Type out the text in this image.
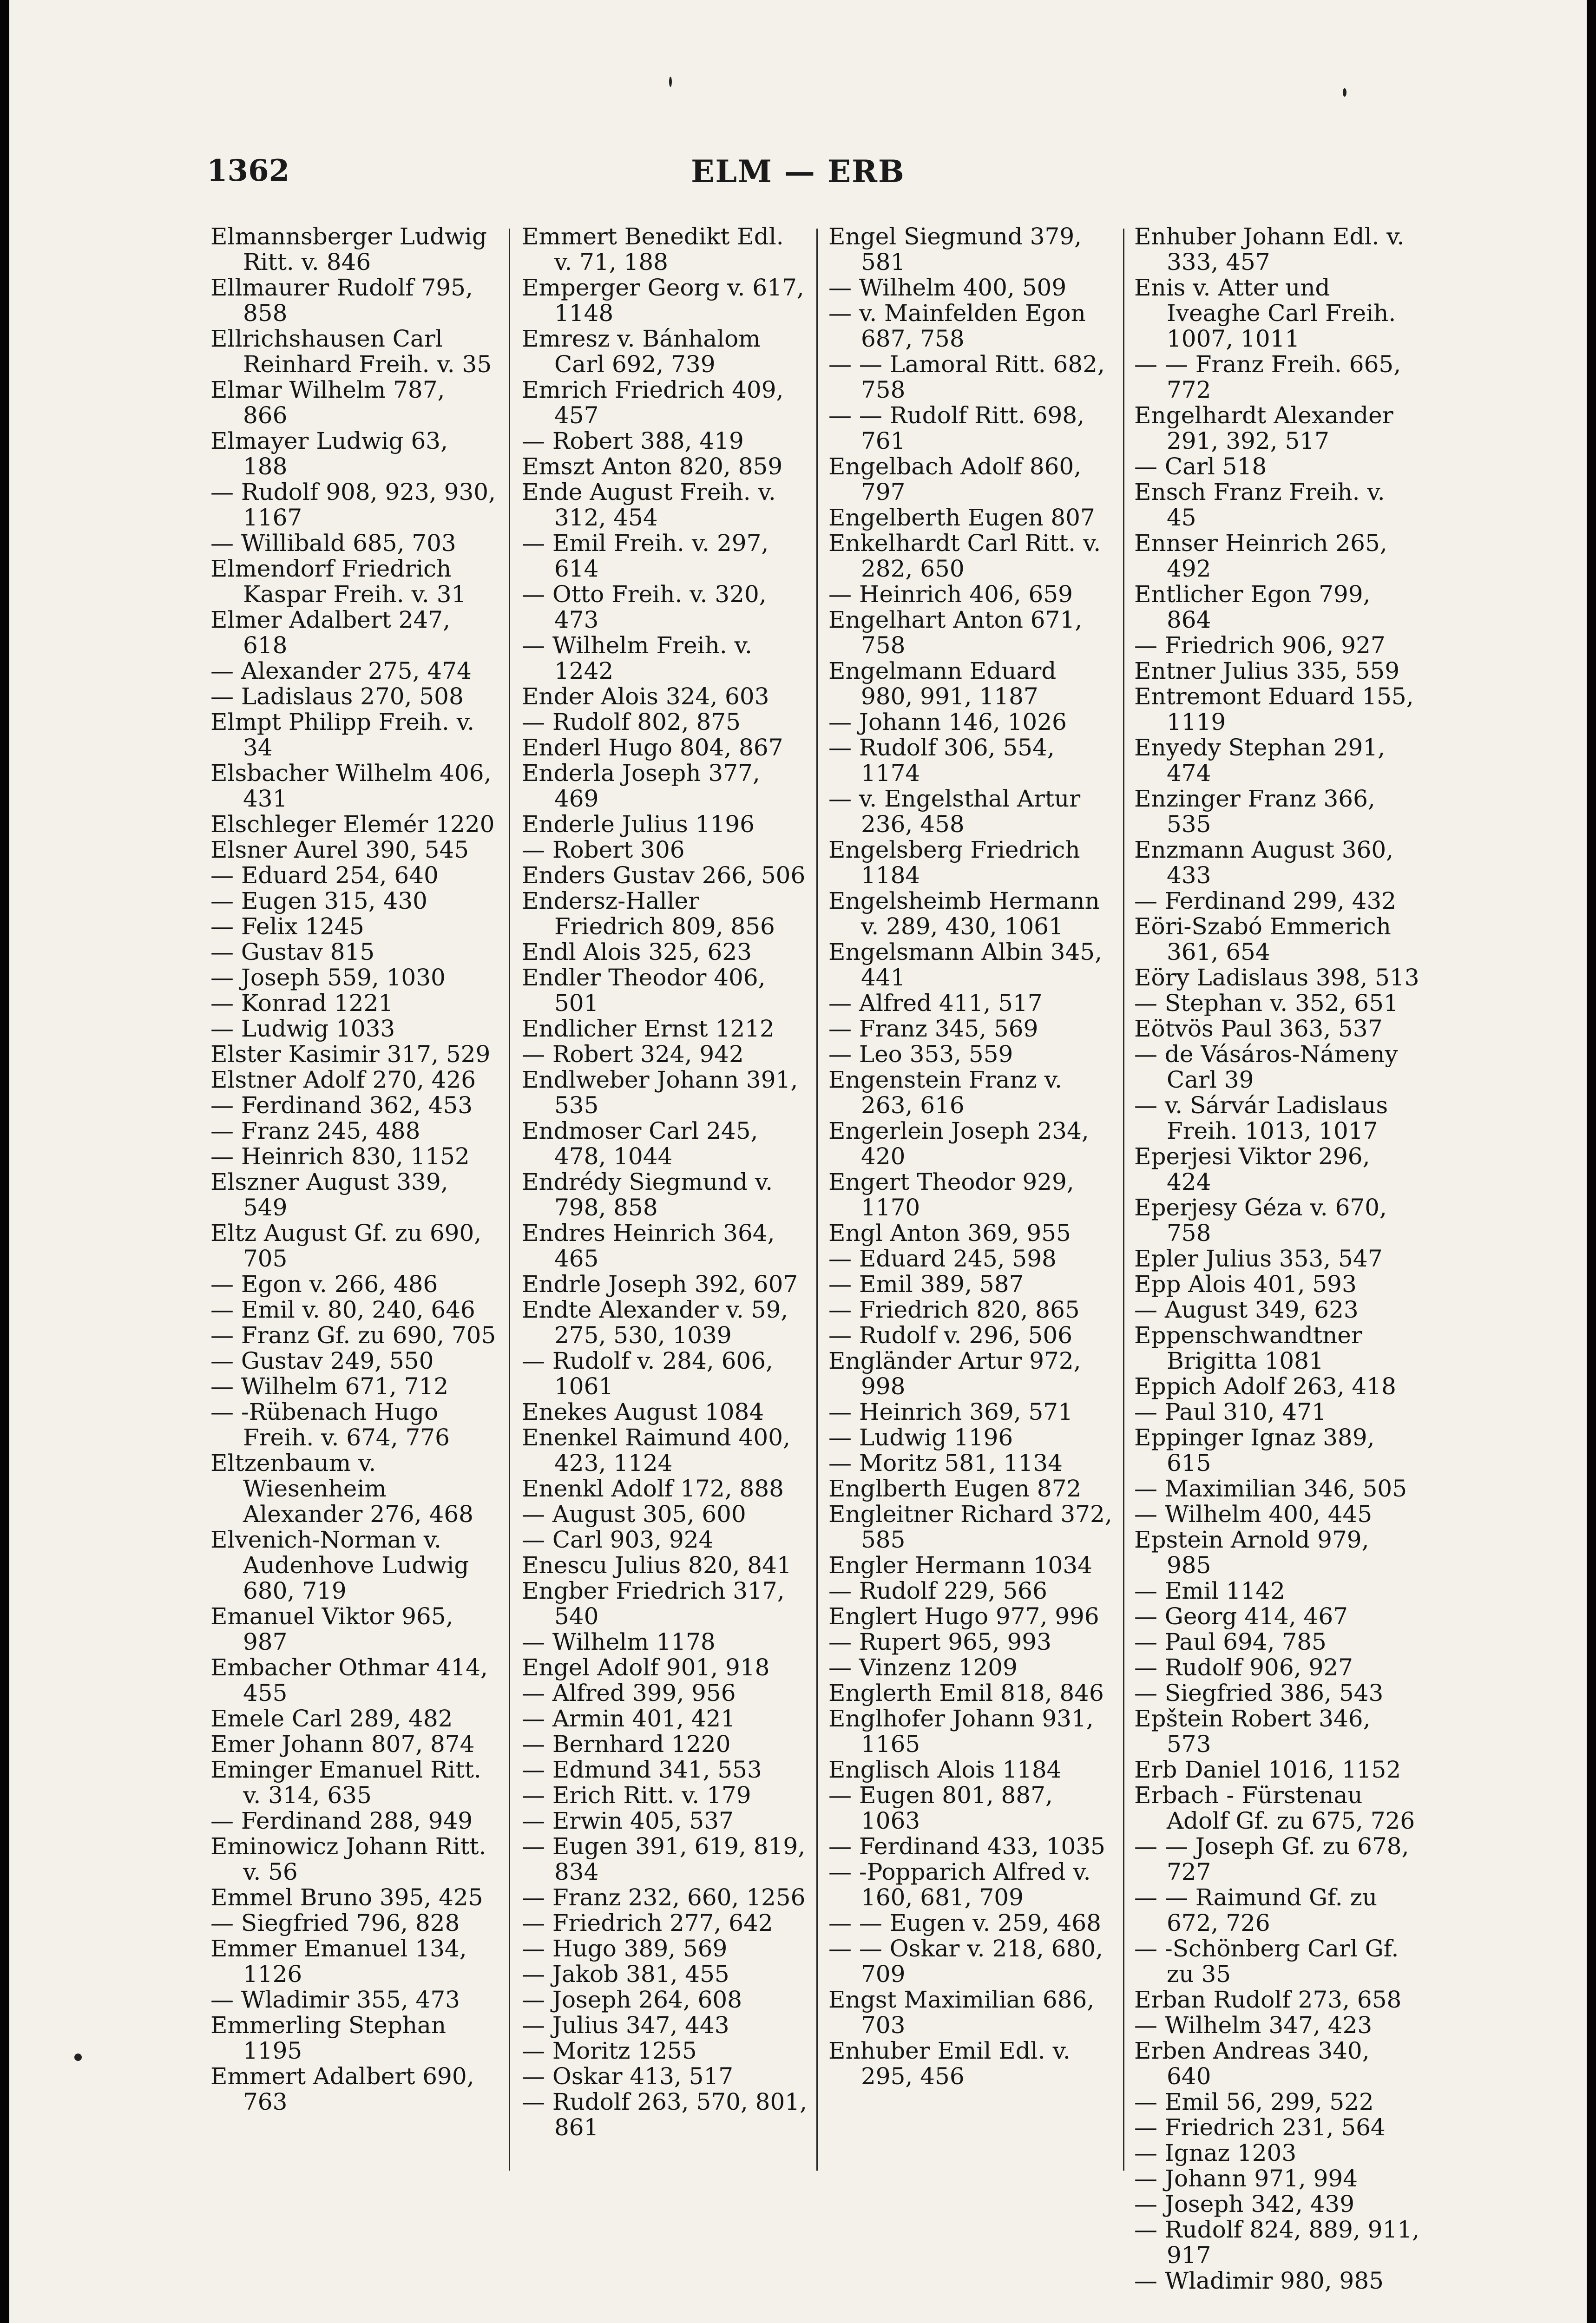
1362	ELM — ERB

Elmannsberger Ludwig Ritt. v. 846

Ellmaurer Rudolf 795, 858

Ellrichshausen Carl Reinhard Freih. v. 35

Elmar Wilhelm 787, 866

Elmayer Ludwig 63, 188

— Rudolf 908, 923, 930, 1167

— Willibald 685, 703

Elmendorf Friedrich Kaspar Freih. v. 31

Elmer Adalbert 247, 618

— Alexander 275, 474

— Ladislaus 270, 508

Elmpt Philipp Freih. v. 34

Elsbacher Wilhelm 406, 431

Elschleger Elemér 1220

Elsner Aurel 390, 545

— Eduard 254, 640

— Eugen 315, 430

— Felix 1245

— Gustav 815

— Joseph 559, 1030

— Konrad 1221

— Ludwig 1033

Elster Kasimir 317, 529

Elstner Adolf 270, 426

— Ferdinand 362, 453

— Franz 245, 488

— Heinrich 830, 1152

Elszner August 339, 549

Eltz August Gf. zu 690, 705

— Egon v. 266, 486

— Emil v. 80, 240, 646

— Franz Gf. zu 690, 705

— Gustav 249, 550

— Wilhelm 671, 712

— -Rübenach Hugo Freih. v. 674, 776

Eltzenbaum v. Wiesenheim Alexander 276, 468

Elvenich-Norman v. Audenhove Ludwig 680, 719

Emanuel Viktor 965, 987

Embacher Othmar 414, 455

Emele Carl 289, 482

Emer Johann 807, 874

Eminger Emanuel Ritt. v. 314, 635

— Ferdinand 288, 949

Eminowicz Johann Ritt. v. 56

Emmel Bruno 395, 425

— Siegfried 796, 828

Emmer Emanuel 134, 1126

— Wladimir 355, 473

Emmerling Stephan 1195

Emmert Adalbert 690, 763

Emmert Benedikt Edl. v. 71, 188

Emperger Georg v. 617, 1148

Emresz v. Bánhalom Carl 692, 739

Emrich Friedrich 409, 457

— Robert 388, 419

Emszt Anton 820, 859

Ende August Freih. v. 312, 454

— Emil Freih. v. 297, 614

— Otto Freih. v. 320, 473

— Wilhelm Freih. v. 1242

Ender Alois 324, 603

— Rudolf 802, 875

Enderl Hugo 804, 867

Enderla Joseph 377, 469

Enderle Julius 1196

— Robert 306

Enders Gustav 266, 506

Endersz-Haller Friedrich 809, 856

Endl Alois 325, 623

Endler Theodor 406, 501

Endlicher Ernst 1212

— Robert 324, 942

Endlweber Johann 391, 535

Endmoser Carl 245, 478, 1044

Endrédy Siegmund v. 798, 858

Endres Heinrich 364, 465

Endrle Joseph 392, 607

Endte Alexander v. 59, 275, 530, 1039

— Rudolf v. 284, 606, 1061

Enekes August 1084

Enenkel Raimund 400, 423, 1124

Enenkl Adolf 172, 888

— August 305, 600

— Carl 903, 924

Enescu Julius 820, 841

Engber Friedrich 317, 540

— Wilhelm 1178

Engel Adolf 901, 918

— Alfred 399, 956

— Armin 401, 421

— Bernhard 1220

— Edmund 341, 553

— Erich Ritt. v. 179

— Erwin 405, 537

— Eugen 391, 619, 819, 834

— Franz 232, 660, 1256

— Friedrich 277, 642

— Hugo 389, 569

— Jakob 381, 455

— Joseph 264, 608

— Julius 347, 443

— Moritz 1255

— Oskar 413, 517

— Rudolf 263, 570, 801, 861

Engel Siegmund 379, 581

— Wilhelm 400, 509

— v. Mainfelden Egon 687, 758

— — Lamoral Ritt. 682, 758

— — Rudolf Ritt. 698, 761

Engelbach Adolf 860, 797

Engelberth Eugen 807

Enkelhardt Carl Ritt. v. 282, 650

— Heinrich 406, 659

Engelhart Anton 671, 758

Engelmann Eduard 980, 991, 1187

— Johann 146, 1026

— Rudolf 306, 554, 1174

— v. Engelsthal Artur 236, 458

Engelsberg Friedrich 1184

Engelsheimb Hermann v. 289, 430, 1061

Engelsmann Albin 345, 441

— Alfred 411, 517

— Franz 345, 569

— Leo 353, 559

Engenstein Franz v. 263, 616

Engerlein Joseph 234, 420

Engert Theodor 929, 1170

Engl Anton 369, 955

— Eduard 245, 598

— Emil 389, 587

— Friedrich 820, 865

— Rudolf v. 296, 506

Engländer Artur 972, 998

— Heinrich 369, 571

— Ludwig 1196

— Moritz 581, 1134

Englberth Eugen 872

Engleitner Richard 372, 585

Engler Hermann 1034

— Rudolf 229, 566

Englert Hugo 977, 996

— Rupert 965, 993

— Vinzenz 1209

Englerth Emil 818, 846

Englhofer Johann 931, 1165

Englisch Alois 1184

— Eugen 801, 887, 1063

— Ferdinand 433, 1035

— -Popparich Alfred v. 160, 681, 709

— — Eugen v. 259, 468

— — Oskar v. 218, 680, 709

Engst Maximilian 686, 703

Enhuber Emil Edl. v. 295, 456

Enhuber Johann Edl. v. 333, 457

Enis v. Atter und Iveaghe Carl Freih. 1007, 1011

— — Franz Freih. 665, 772

Engelhardt Alexander 291, 392, 517

— Carl 518

Ensch Franz Freih. v. 45

Ennser Heinrich 265, 492

Entlicher Egon 799, 864

— Friedrich 906, 927

Entner Julius 335, 559

Entremont Eduard 155, 1119

Enyedy Stephan 291, 474

Enzinger Franz 366, 535

Enzmann August 360, 433

— Ferdinand 299, 432

Eöri-Szabó Emmerich 361, 654

Eöry Ladislaus 398, 513

— Stephan v. 352, 651

Eötvös Paul 363, 537

— de Vásáros-Námeny Carl 39

— v. Sárvár Ladislaus Freih. 1013, 1017

Eperjesi Viktor 296, 424

Eperjesy Géza v. 670, 758

Epler Julius 353, 547

Epp Alois 401, 593

— August 349, 623

Eppenschwandtner Brigitta 1081

Eppich Adolf 263, 418

— Paul 310, 471

Eppinger Ignaz 389, 615

— Maximilian 346, 505

— Wilhelm 400, 445

Epstein Arnold 979, 985

— Emil 1142

— Georg 414, 467

— Paul 694, 785

— Rudolf 906, 927

— Siegfried 386, 543

Epštein Robert 346, 573

Erb Daniel 1016, 1152

Erbach - Fürstenau Adolf Gf. zu 675, 726

— — Joseph Gf. zu 678, 727

— — Raimund Gf. zu 672, 726

— -Schönberg Carl Gf. zu 35

Erban Rudolf 273, 658

— Wilhelm 347, 423

Erben Andreas 340, 640

— Emil 56, 299, 522

— Friedrich 231, 564

— Ignaz 1203

— Johann 971, 994

— Joseph 342, 439

— Rudolf 824, 889, 911, 917

— Wladimir 980, 985
